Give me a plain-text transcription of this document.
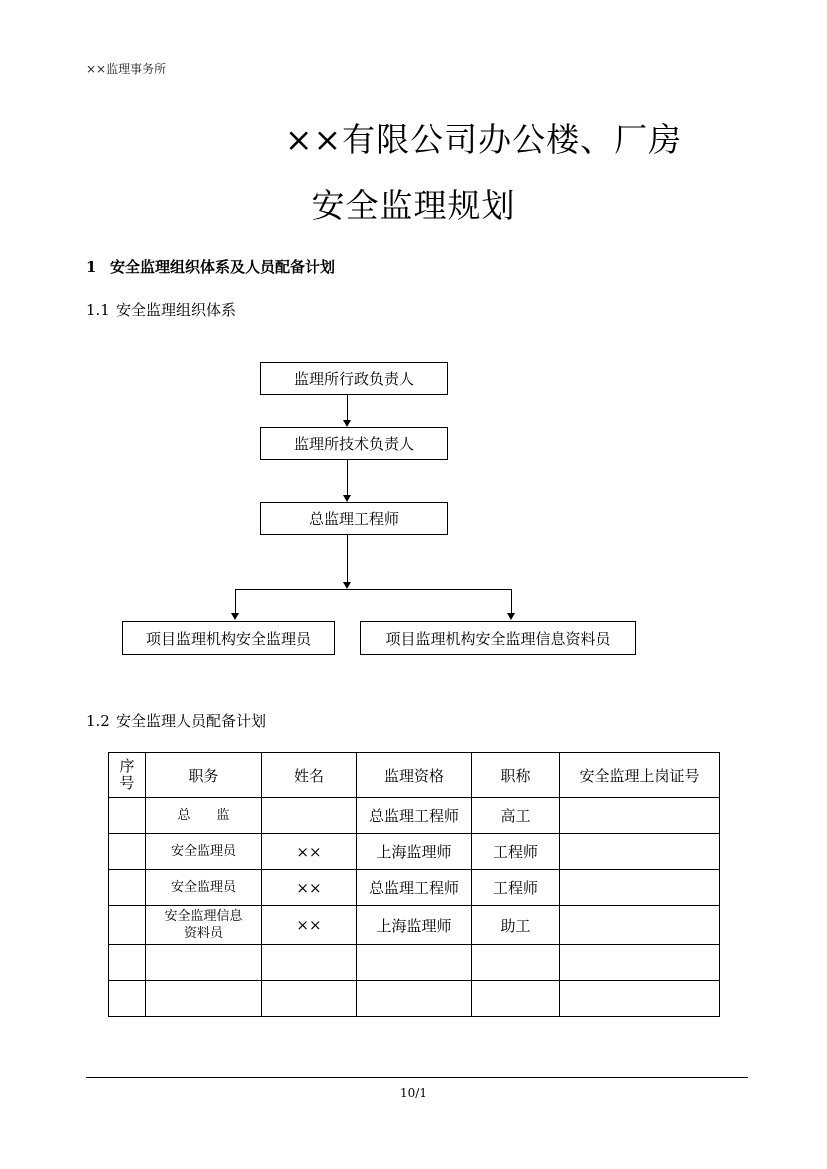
××监理事务所
××有限公司办公楼、厂房
安全监理规划
1 安全监理组织体系及人员配备计划
1.1 安全监理组织体系
监理所行政负责人
监理所技术负责人
总监理工程师
项目监理机构安全监理员	项目监理机构安全监理信息资料员
1.2 安全监理人员配备计划
序号	职务	姓名	监理资格	职称	安全监理上岗证号
	总　　监		总监理工程师	高工	
	安全监理员	××	上海监理师	工程师	
	安全监理员	××	总监理工程师	工程师	
	安全监理信息资料员	××	上海监理师	助工	

10/1
